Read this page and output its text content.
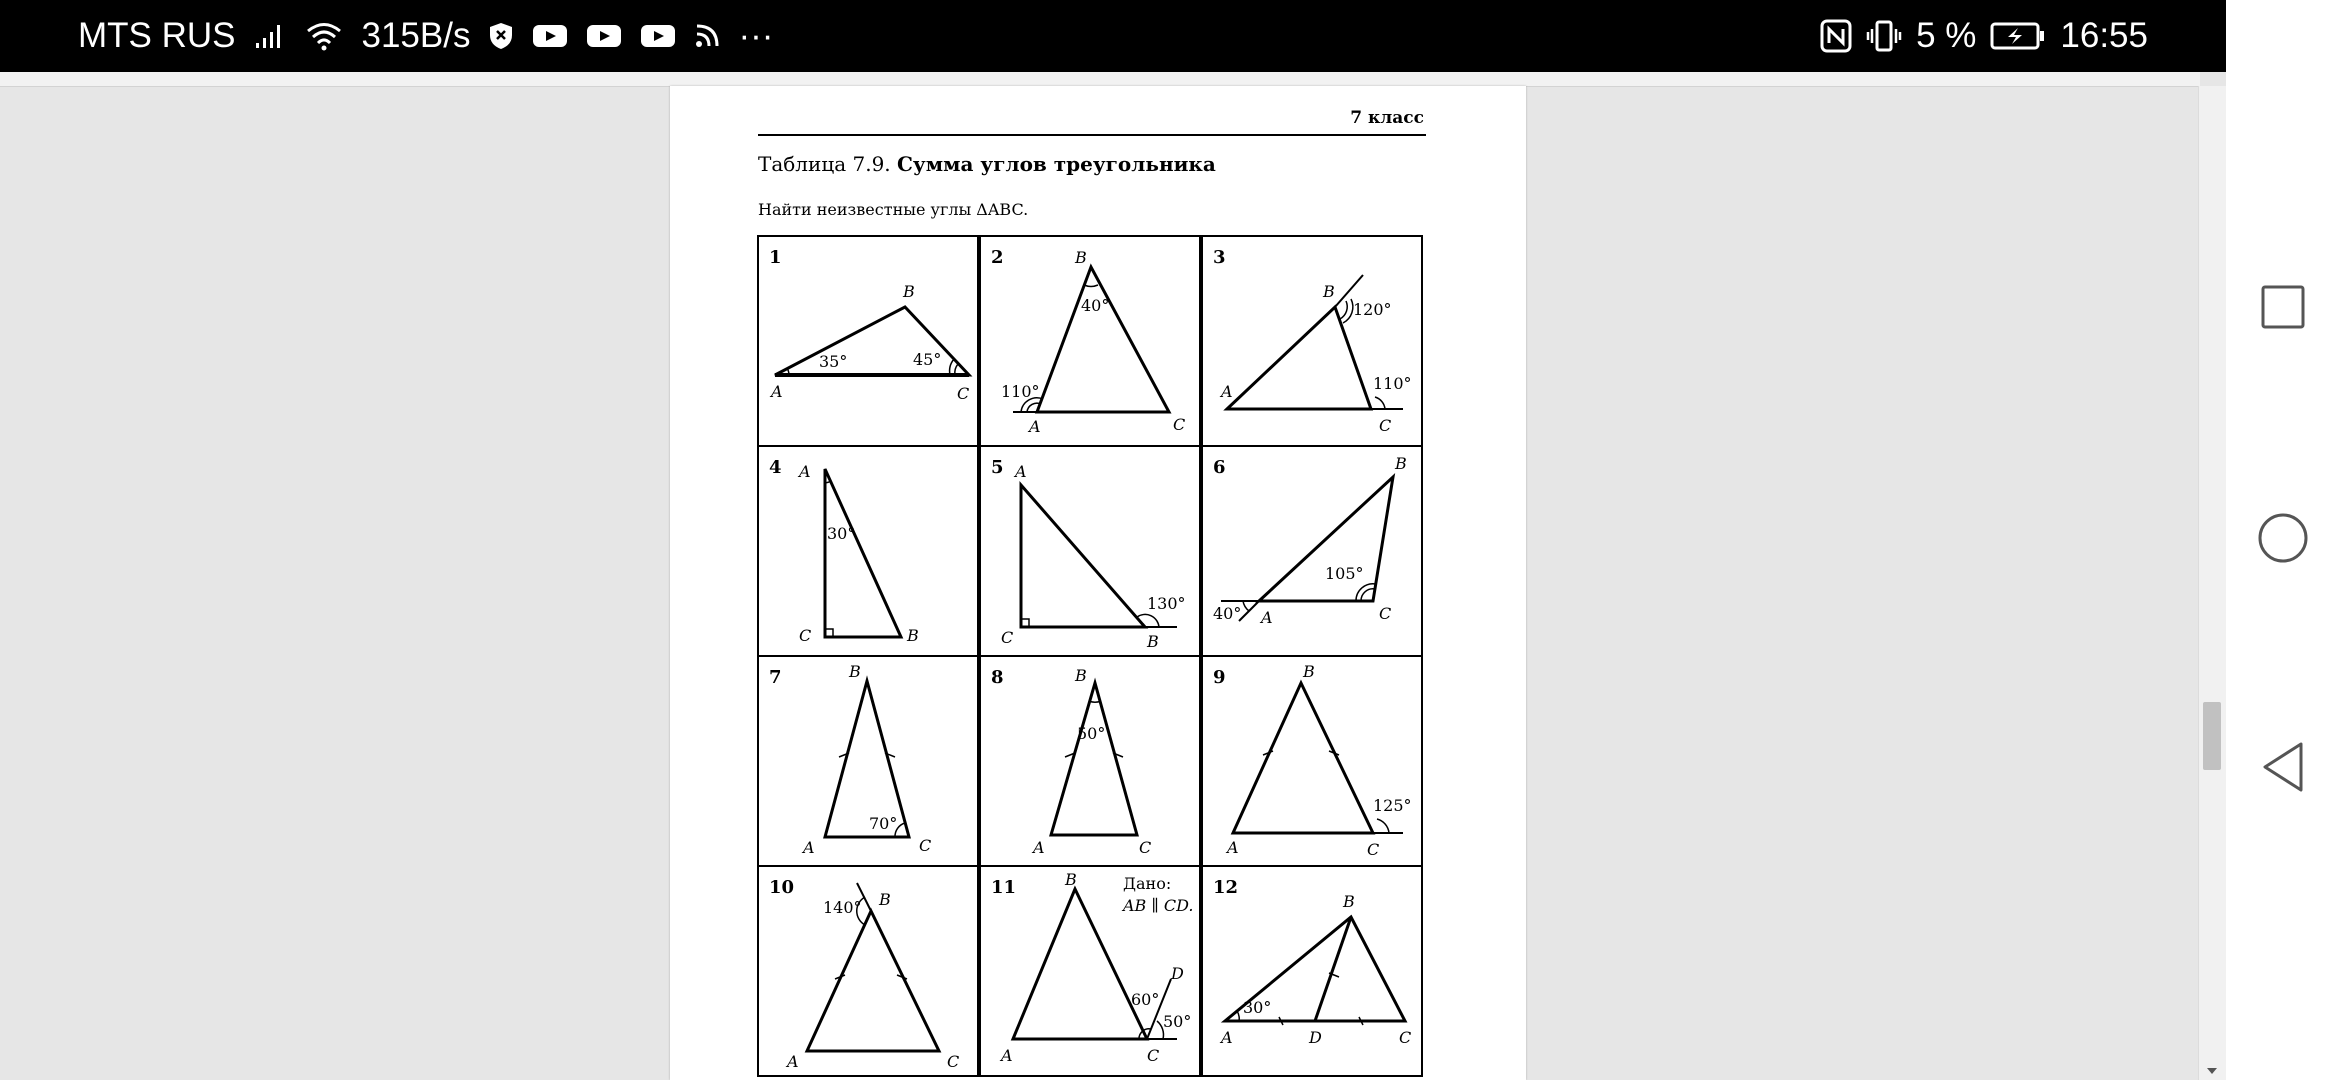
MTS RUS	315B/s	···	5 % 16:55
7 класс
Таблица 7.9. Сумма углов треугольника
Найти неизвестные углы ΔABC.
1
A
B
C
35°	45°
2
A
B
C
40°
110°
3
A
B
C
120°
110°
4 A
B
C
30°
5 A
B
C
130°
6
A
B
C
105°
40°
7
A
B
C
70°
8
A
B
C
50°
9
A
B
C
125°
10
A
B
C
140°
11
A
B
C
D
60°
50°
Дано:
AB ∥ CD.
12
A
B
C
D
30°
